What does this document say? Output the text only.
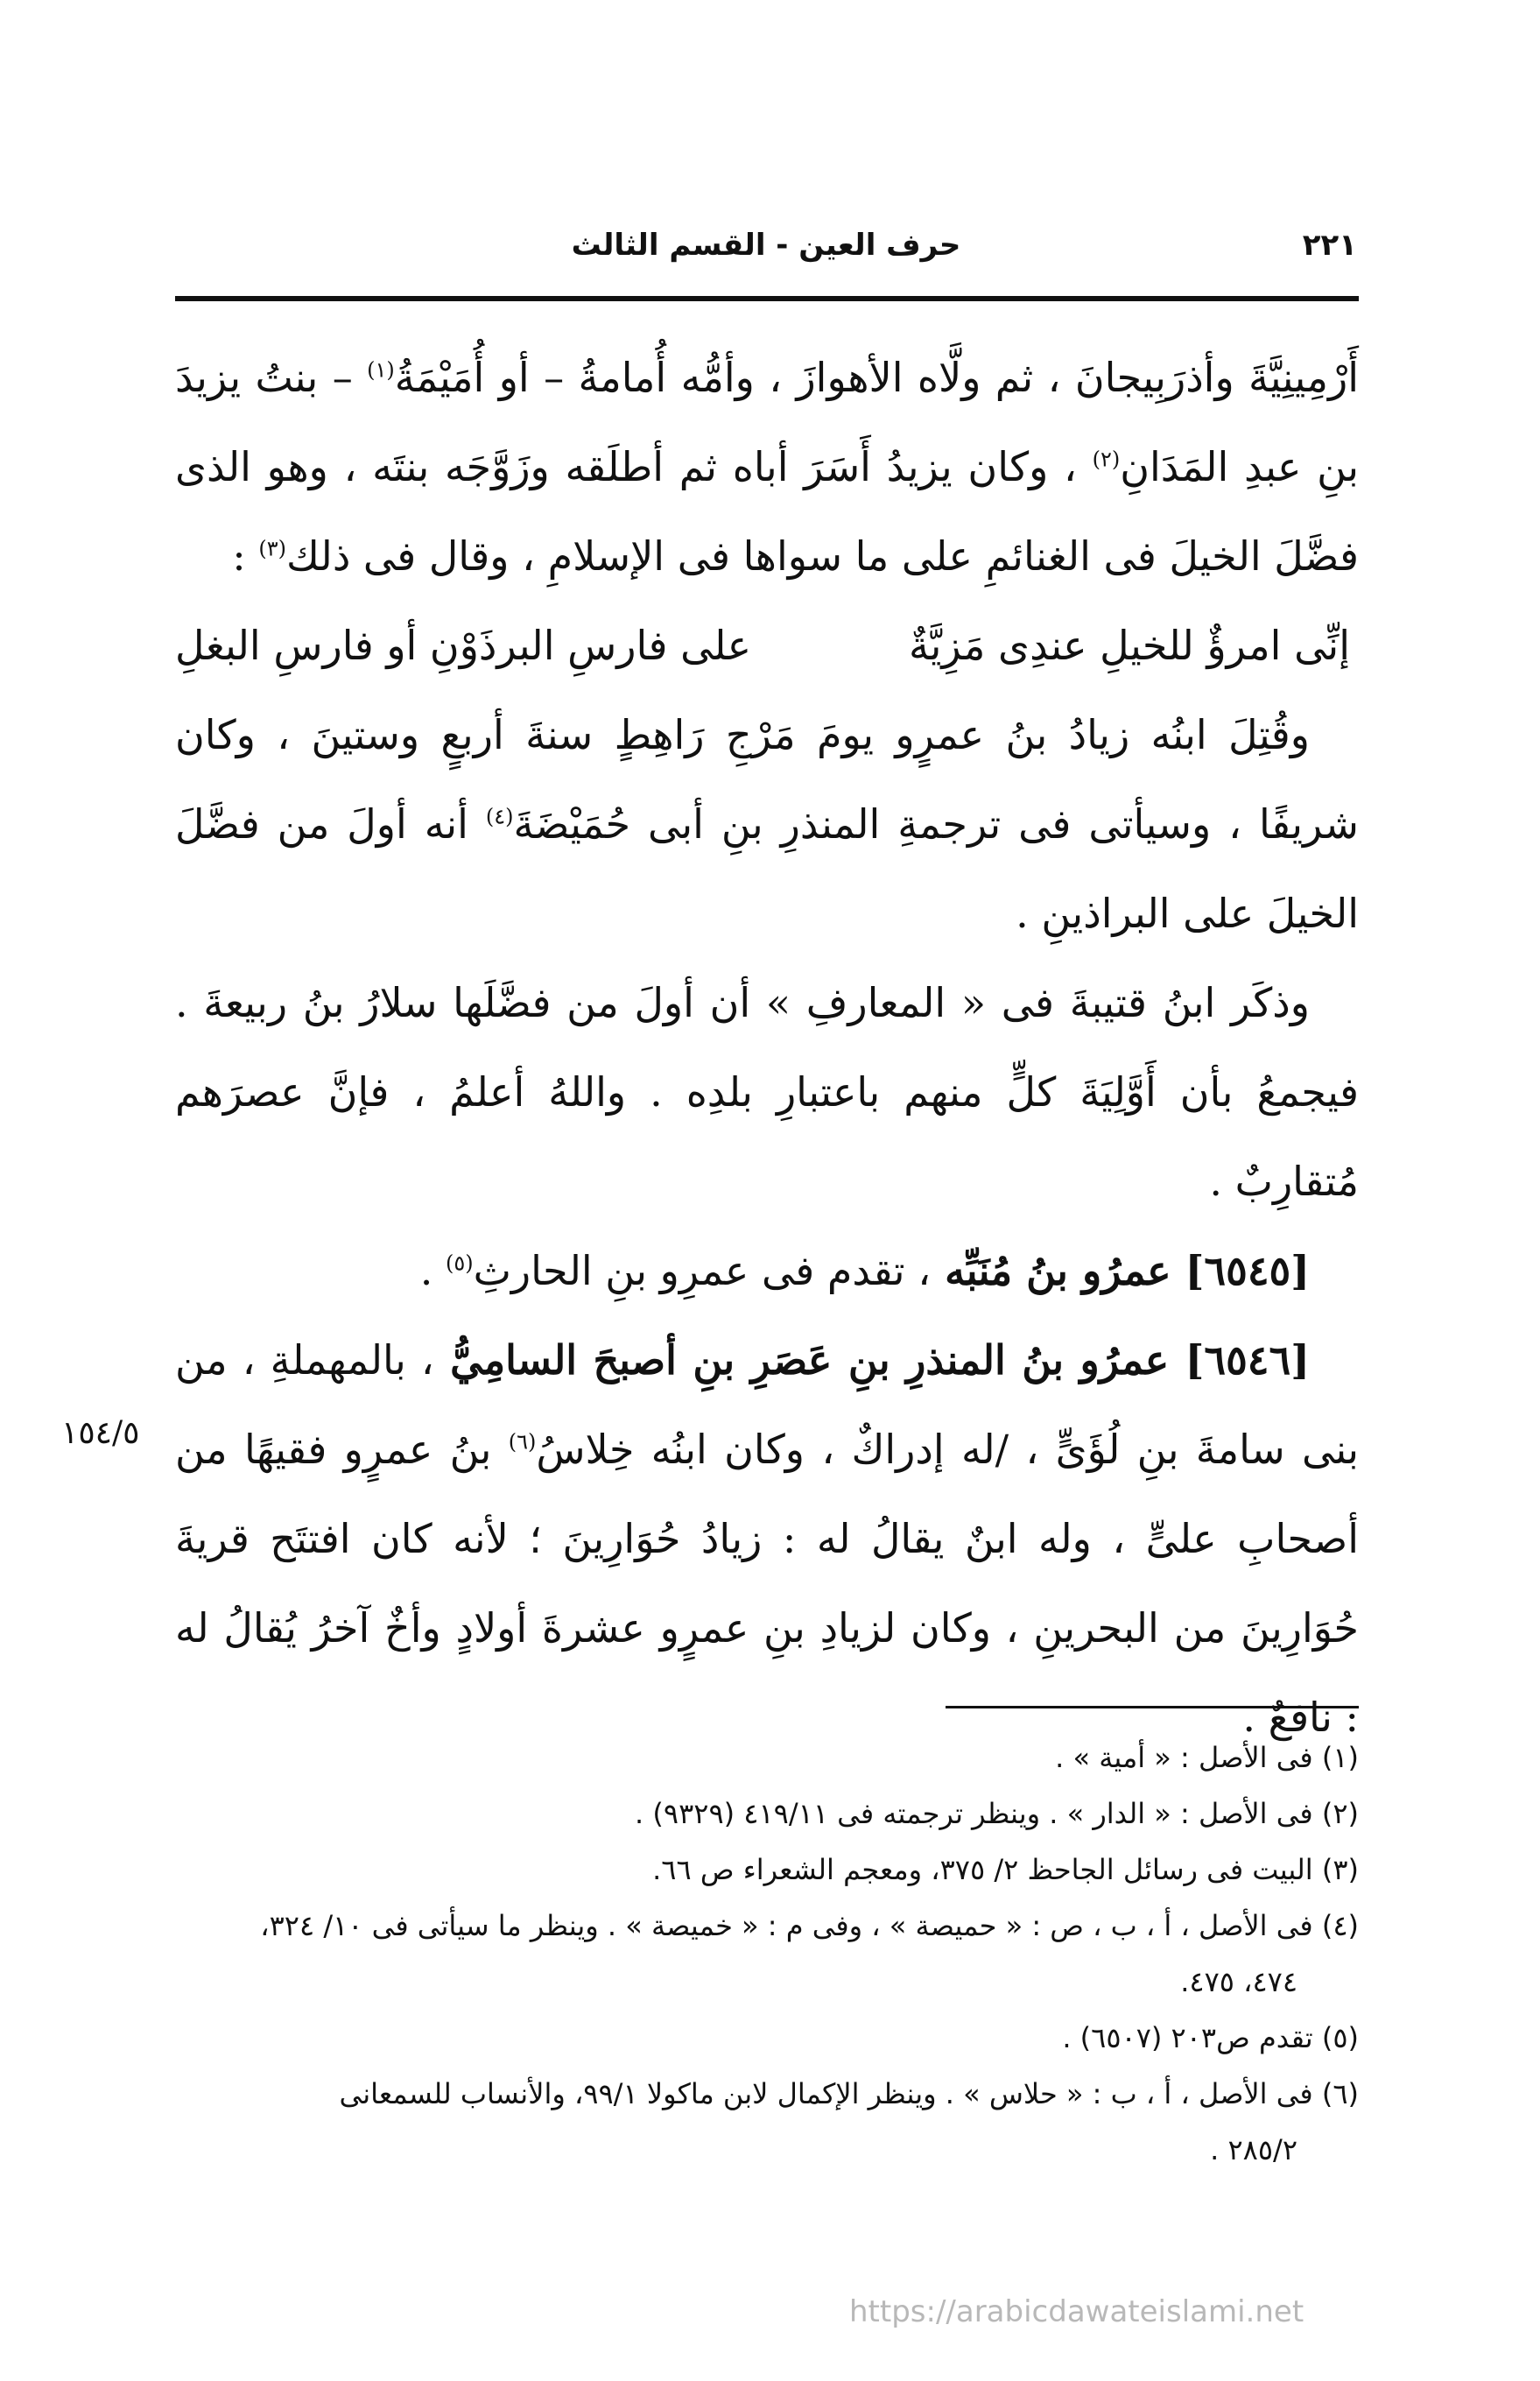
٢٢١
حرف العين - القسم الثالث

أَرْمِينِيَّةَ وأذرَبِيجانَ ، ثم ولَّاه الأهوازَ ، وأمُّه أُمامةُ – أو أُمَيْمَةُ$^{(١)}$ – بنتُ يزيدَ بنِ عبدِ المَدَانِ$^{(٢)}$ ، وكان يزيدُ أَسَرَ أباه ثم أطلَقه وزَوَّجَه بنتَه ، وهو الذى فضَّلَ الخيلَ فى الغنائمِ على ما سواها فى الإسلامِ ، وقال فى ذلك$^{(٣)}$ :

إنِّى امرؤٌ للخيلِ عندِى مَزِيَّةٌ
على فارسِ البرذَوْنِ أو فارسِ البغلِ

وقُتِلَ ابنُه زيادُ بنُ عمرٍو يومَ مَرْجِ رَاهِطٍ سنةَ أربعٍ وستينَ ، وكان شريفًا ، وسيأتى فى ترجمةِ المنذرِ بنِ أبى حُمَيْضَةَ$^{(٤)}$ أنه أولَ من فضَّلَ الخيلَ على البراذينِ .

وذكَر ابنُ قتيبةَ فى « المعارفِ » أن أولَ من فضَّلَها سلارُ بنُ ربيعةَ . فيجمعُ بأن أَوَّلِيَةَ كلٍّ منهم باعتبارِ بلدِه . واللهُ أعلمُ ، فإنَّ عصرَهم مُتقارِبٌ .

[٦٥٤٥] عمرُو بنُ مُنَبِّه ، تقدم فى عمرِو بنِ الحارثِ$^{(٥)}$ .

[٦٥٤٦] عمرُو بنُ المنذرِ بنِ عَصَرِ بنِ أصبحَ السامِيُّ ، بالمهملةِ ، من بنى سامةَ بنِ لُؤَىٍّ ، /له إدراكٌ ، وكان ابنُه خِلاسُ$^{(٦)}$ بنُ عمرٍو فقيهًا من أصحابِ علىٍّ ، وله ابنٌ يقالُ له : زيادُ حُوَارِينَ ؛ لأنه كان افتتَح قريةَ حُوَارِينَ من البحرينِ ، وكان لزيادِ بنِ عمرٍو عشرةَ أولادٍ وأخٌ آخرُ يُقالُ له : نافعٌ .

١٥٤/٥

(١) فى الأصل : « أمية » .

(٢) فى الأصل : « الدار » . وينظر ترجمته فى ٤١٩/١١ (٩٣٢٩) .

(٣) البيت فى رسائل الجاحظ ٢/ ٣٧٥، ومعجم الشعراء ص ٦٦.

(٤) فى الأصل ، أ ، ب ، ص : « حميصة » ، وفى م : « خميصة » . وينظر ما سيأتى فى ١٠/ ٣٢٤،

٤٧٤، ٤٧٥.

(٥) تقدم ص٢٠٣ (٦٥٠٧) .

(٦) فى الأصل ، أ ، ب : « حلاس » . وينظر الإكمال لابن ماكولا ٩٩/١، والأنساب للسمعانى

٢٨٥/٢ .

https://arabicdawateislami.net
